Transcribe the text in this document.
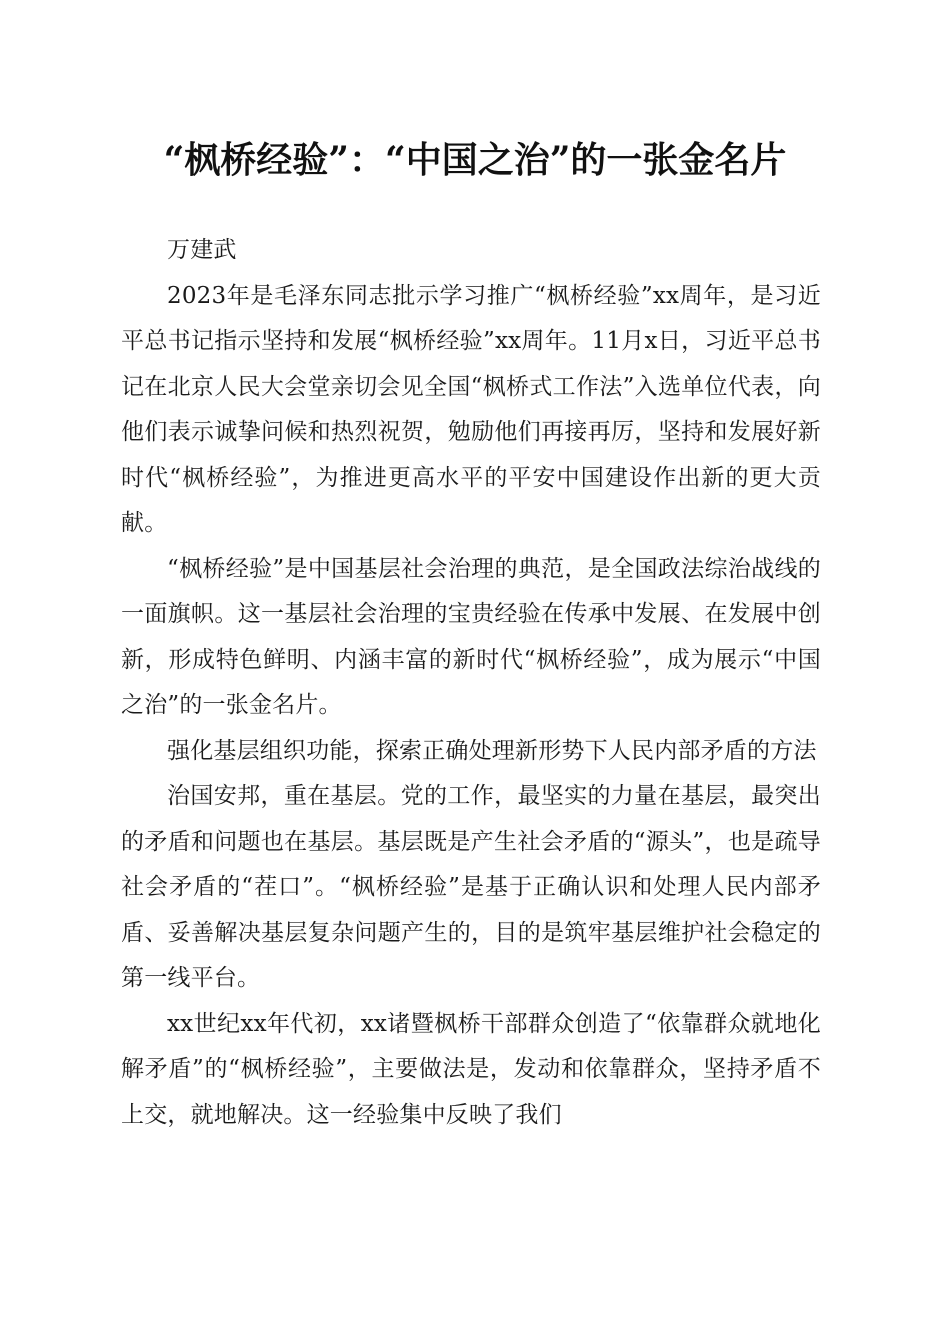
“枫桥经验”：“中国之治”的一张金名片

万建武

2023年是毛泽东同志批示学习推广“枫桥经验”xx周年，是习近平总书记指示坚持和发展“枫桥经验”xx周年。11月x日，习近平总书记在北京人民大会堂亲切会见全国“枫桥式工作法”入选单位代表，向他们表示诚挚问候和热烈祝贺，勉励他们再接再厉，坚持和发展好新时代“枫桥经验”，为推进更高水平的平安中国建设作出新的更大贡献。

“枫桥经验”是中国基层社会治理的典范，是全国政法综治战线的一面旗帜。这一基层社会治理的宝贵经验在传承中发展、在发展中创新，形成特色鲜明、内涵丰富的新时代“枫桥经验”，成为展示“中国之治”的一张金名片。

强化基层组织功能，探索正确处理新形势下人民内部矛盾的方法

治国安邦，重在基层。党的工作，最坚实的力量在基层，最突出的矛盾和问题也在基层。基层既是产生社会矛盾的“源头”，也是疏导社会矛盾的“茬口”。“枫桥经验”是基于正确认识和处理人民内部矛盾、妥善解决基层复杂问题产生的，目的是筑牢基层维护社会稳定的第一线平台。

xx世纪xx年代初，xx诸暨枫桥干部群众创造了“依靠群众就地化解矛盾”的“枫桥经验”，主要做法是，发动和依靠群众，坚持矛盾不上交，就地解决。这一经验集中反映了我们
